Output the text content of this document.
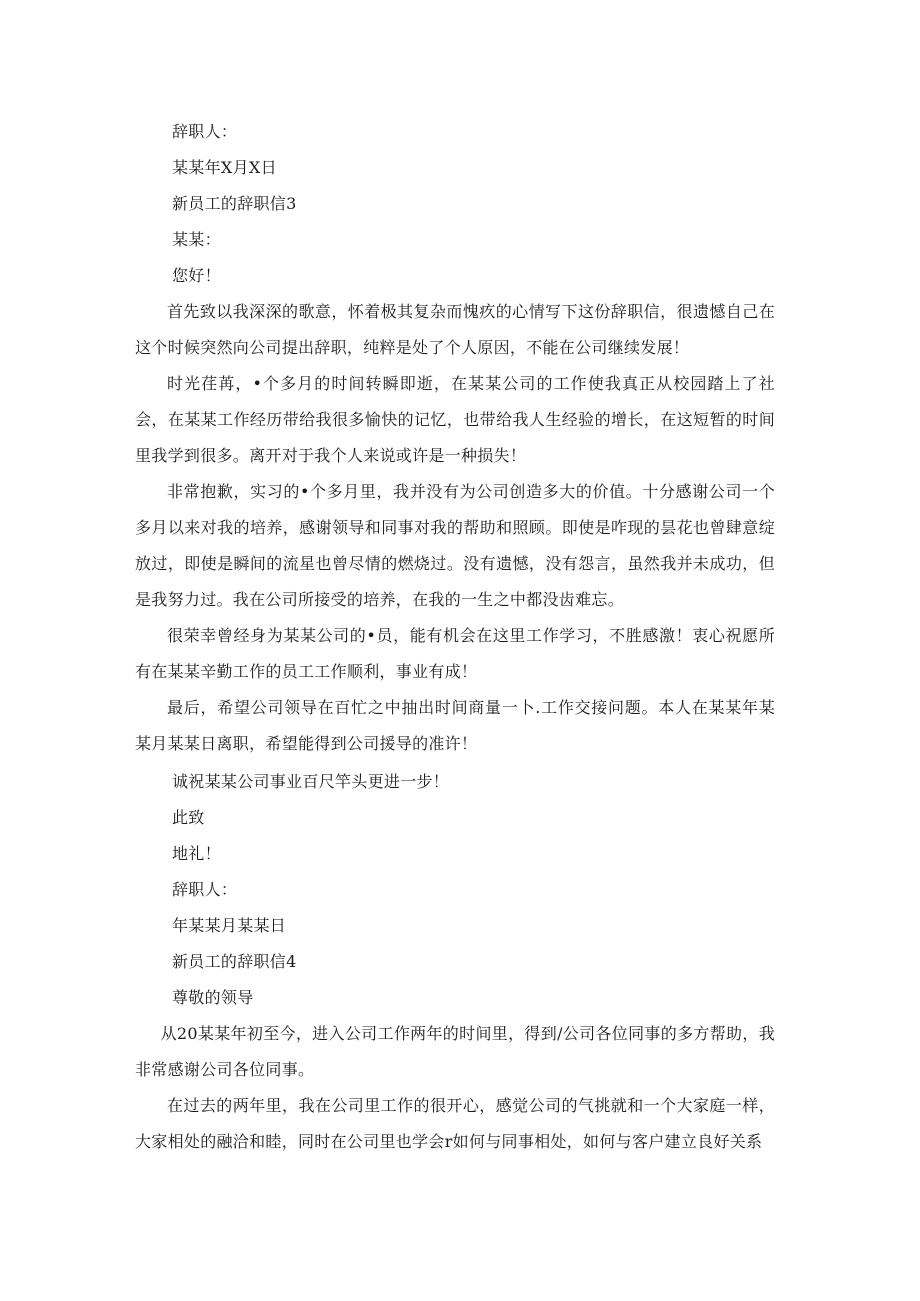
辞职人：
某某年X月X日
新员工的辞职信3
某某：
您好！
首先致以我深深的歌意，怀着极其复杂而愧疚的心情写下这份辞职信，很遗憾自己在这个时候突然向公司提出辞职，纯粹是处了个人原因，不能在公司继续发展！
时光荏苒，•个多月的时间转瞬即逝，在某某公司的工作使我真正从校园踏上了社会，在某某工作经历带给我很多愉快的记忆，也带给我人生经验的增长，在这短暂的时间里我学到很多。离开对于我个人来说或许是一种损失！
非常抱歉，实习的•个多月里，我并没有为公司创造多大的价值。十分感谢公司一个多月以来对我的培养，感谢领导和同事对我的帮助和照顾。即使是咋现的昙花也曾肆意绽放过，即使是瞬间的流星也曾尽情的燃烧过。没有遗憾，没有怨言，虽然我并未成功，但是我努力过。我在公司所接受的培养，在我的一生之中都没齿难忘。
很荣幸曾经身为某某公司的•员，能有机会在这里工作学习，不胜感激！衷心祝愿所有在某某辛勤工作的员工工作顺利，事业有成！
最后，希望公司领导在百忙之中抽出时间商量一卜.工作交接问题。本人在某某年某某月某某日离职，希望能得到公司援导的准许！
诚祝某某公司事业百尺竿头更进一步！
此致
地礼！
辞职人：
年某某月某某日
新员工的辞职信4
尊敬的领导
从20某某年初至今，进入公司工作两年的时间里，得到/公司各位同事的多方帮助，我非常感谢公司各位同事。
在过去的两年里，我在公司里工作的很开心，感觉公司的气挑就和一个大家庭一样，大家相处的融洽和睦，同时在公司里也学会r如何与同事相处，如何与客户建立良好关系
